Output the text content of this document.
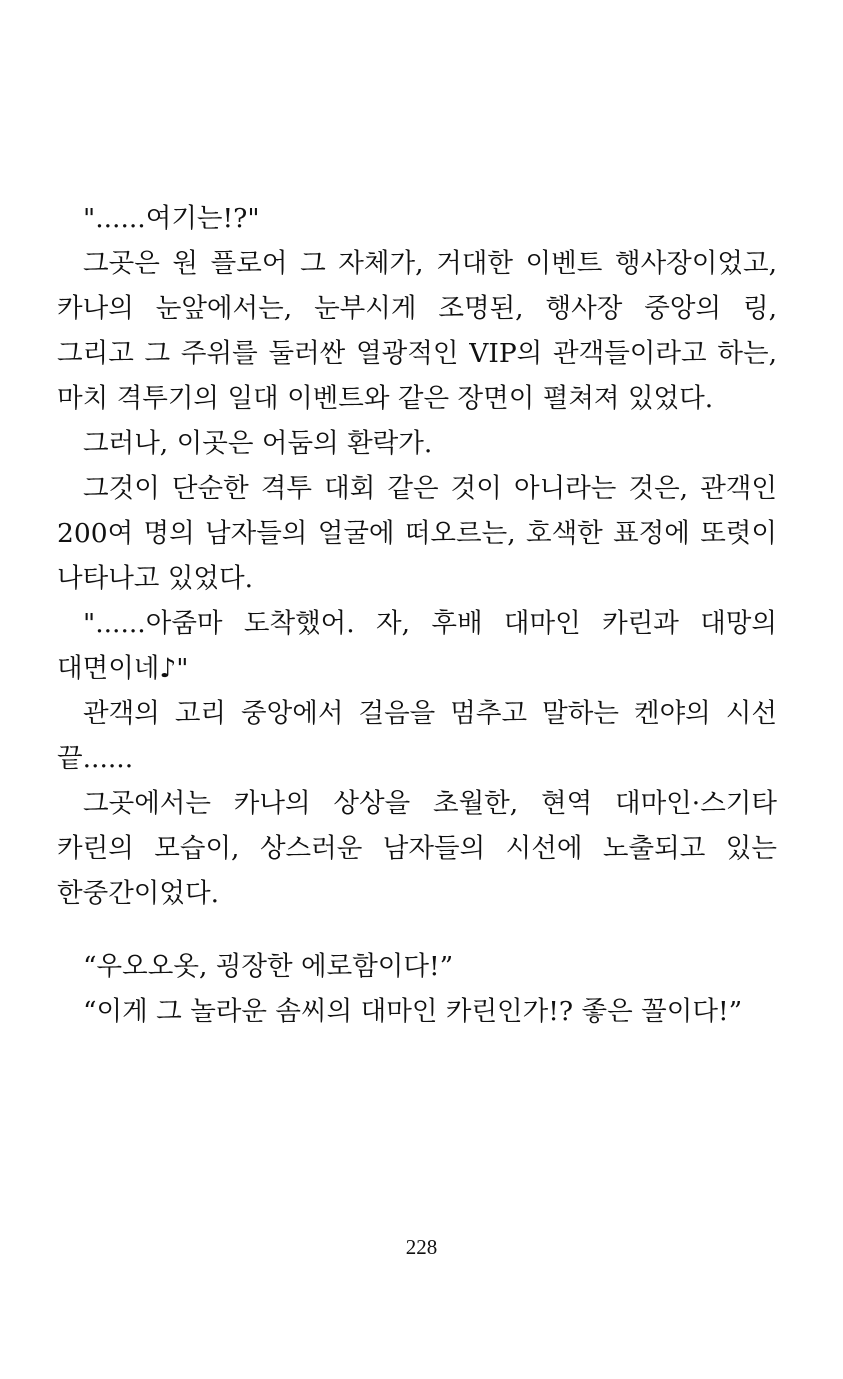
"......여기는!?"
그곳은 원 플로어 그 자체가, 거대한 이벤트 행사장이었고,
카나의 눈앞에서는, 눈부시게 조명된, 행사장 중앙의 링,
그리고 그 주위를 둘러싼 열광적인 VIP의 관객들이라고 하는,
마치 격투기의 일대 이벤트와 같은 장면이 펼쳐져 있었다.
그러나, 이곳은 어둠의 환락가.
그것이 단순한 격투 대회 같은 것이 아니라는 것은, 관객인
200여 명의 남자들의 얼굴에 떠오르는, 호색한 표정에 또렷이
나타나고 있었다.
"......아줌마 도착했어. 자, 후배 대마인 카린과 대망의
대면이네♪"
관객의 고리 중앙에서 걸음을 멈추고 말하는 켄야의 시선
끝......
그곳에서는 카나의 상상을 초월한, 현역 대마인·스기타
카린의 모습이, 상스러운 남자들의 시선에 노출되고 있는
한중간이었다.
“우오오옷, 굉장한 에로함이다!”
“이게 그 놀라운 솜씨의 대마인 카린인가!? 좋은 꼴이다!”
228
